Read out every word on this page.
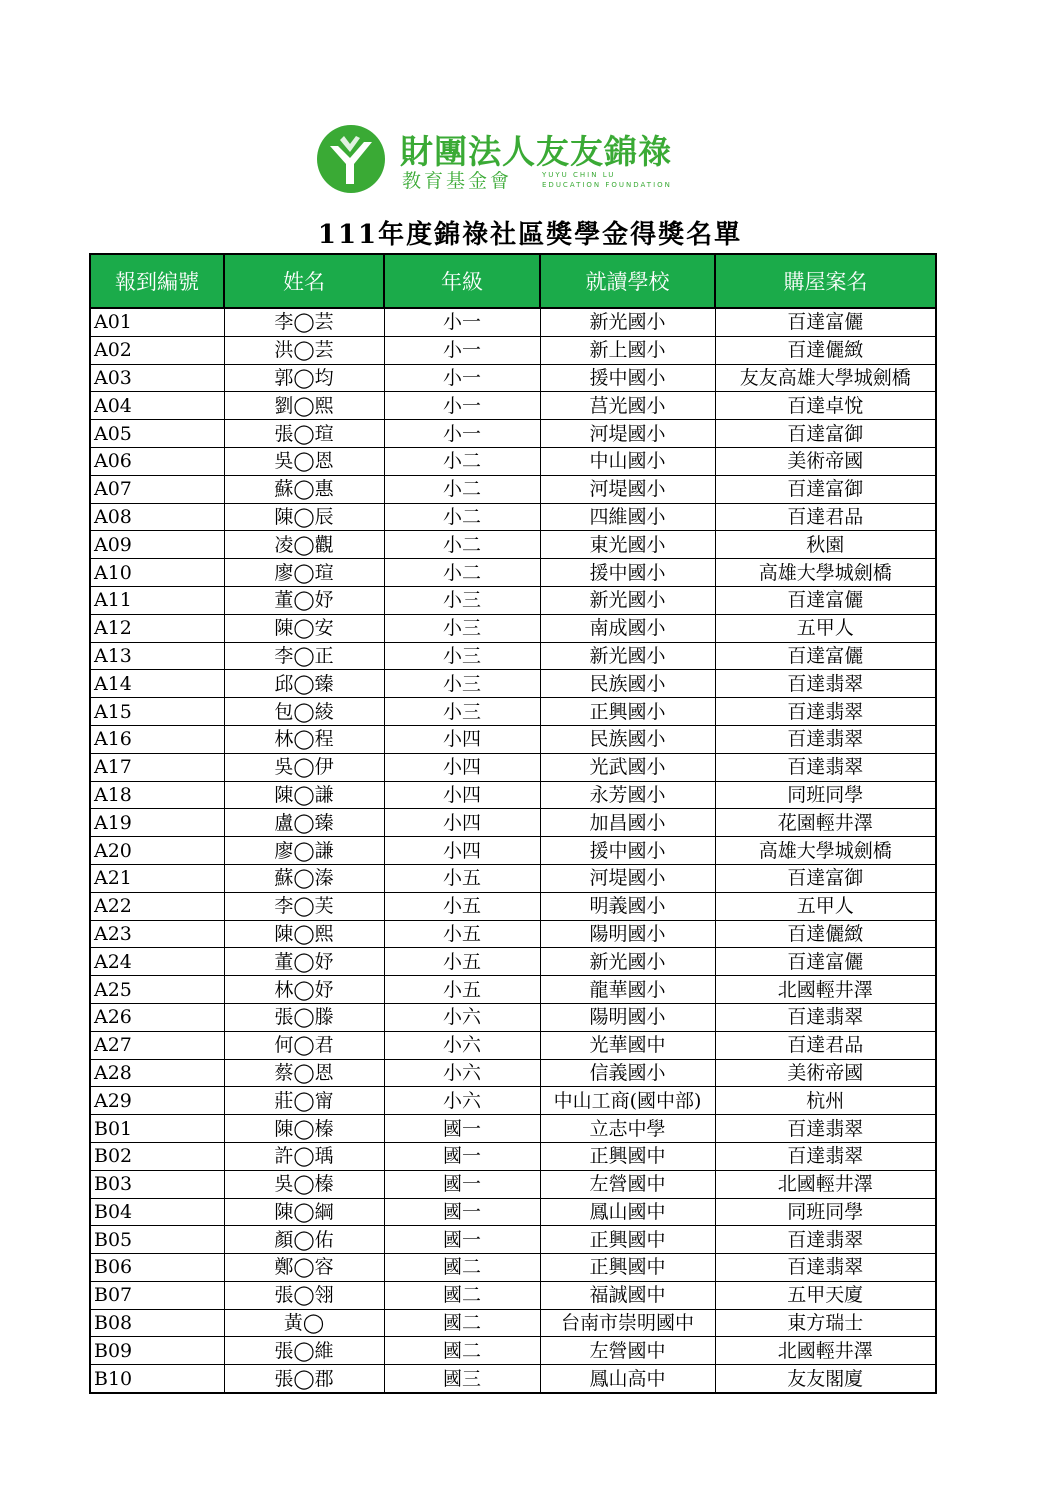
財團法人友友錦祿
教育基金會	YUYU CHIN LU
EDUCATION FOUNDATION
111年度錦祿社區獎學金得獎名單
報到編號	姓名	年級	就讀學校	購屋案名
A01	李◯芸	小一	新光國小	百達富儷
A02	洪◯芸	小一	新上國小	百達儷緻
A03	郭◯均	小一	援中國小	友友高雄大學城劍橋
A04	劉◯熙	小一	莒光國小	百達卓悅
A05	張◯瑄	小一	河堤國小	百達富御
A06	吳◯恩	小二	中山國小	美術帝國
A07	蘇◯惠	小二	河堤國小	百達富御
A08	陳◯辰	小二	四維國小	百達君品
A09	凌◯觀	小二	東光國小	秋園
A10	廖◯瑄	小二	援中國小	高雄大學城劍橋
A11	董◯妤	小三	新光國小	百達富儷
A12	陳◯安	小三	南成國小	五甲人
A13	李◯正	小三	新光國小	百達富儷
A14	邱◯臻	小三	民族國小	百達翡翠
A15	包◯綾	小三	正興國小	百達翡翠
A16	林◯程	小四	民族國小	百達翡翠
A17	吳◯伊	小四	光武國小	百達翡翠
A18	陳◯謙	小四	永芳國小	同班同學
A19	盧◯臻	小四	加昌國小	花園輕井澤
A20	廖◯謙	小四	援中國小	高雄大學城劍橋
A21	蘇◯溱	小五	河堤國小	百達富御
A22	李◯芙	小五	明義國小	五甲人
A23	陳◯熙	小五	陽明國小	百達儷緻
A24	董◯妤	小五	新光國小	百達富儷
A25	林◯妤	小五	龍華國小	北國輕井澤
A26	張◯滕	小六	陽明國小	百達翡翠
A27	何◯君	小六	光華國中	百達君品
A28	蔡◯恩	小六	信義國小	美術帝國
A29	莊◯甯	小六	中山工商(國中部)	杭州
B01	陳◯榛	國一	立志中學	百達翡翠
B02	許◯瑀	國一	正興國中	百達翡翠
B03	吳◯榛	國一	左營國中	北國輕井澤
B04	陳◯綱	國一	鳳山國中	同班同學
B05	顏◯佑	國一	正興國中	百達翡翠
B06	鄭◯容	國二	正興國中	百達翡翠
B07	張◯翎	國二	福誠國中	五甲天廈
B08	黃◯	國二	台南市崇明國中	東方瑞士
B09	張◯維	國二	左營國中	北國輕井澤
B10	張◯郡	國三	鳳山高中	友友閣廈
